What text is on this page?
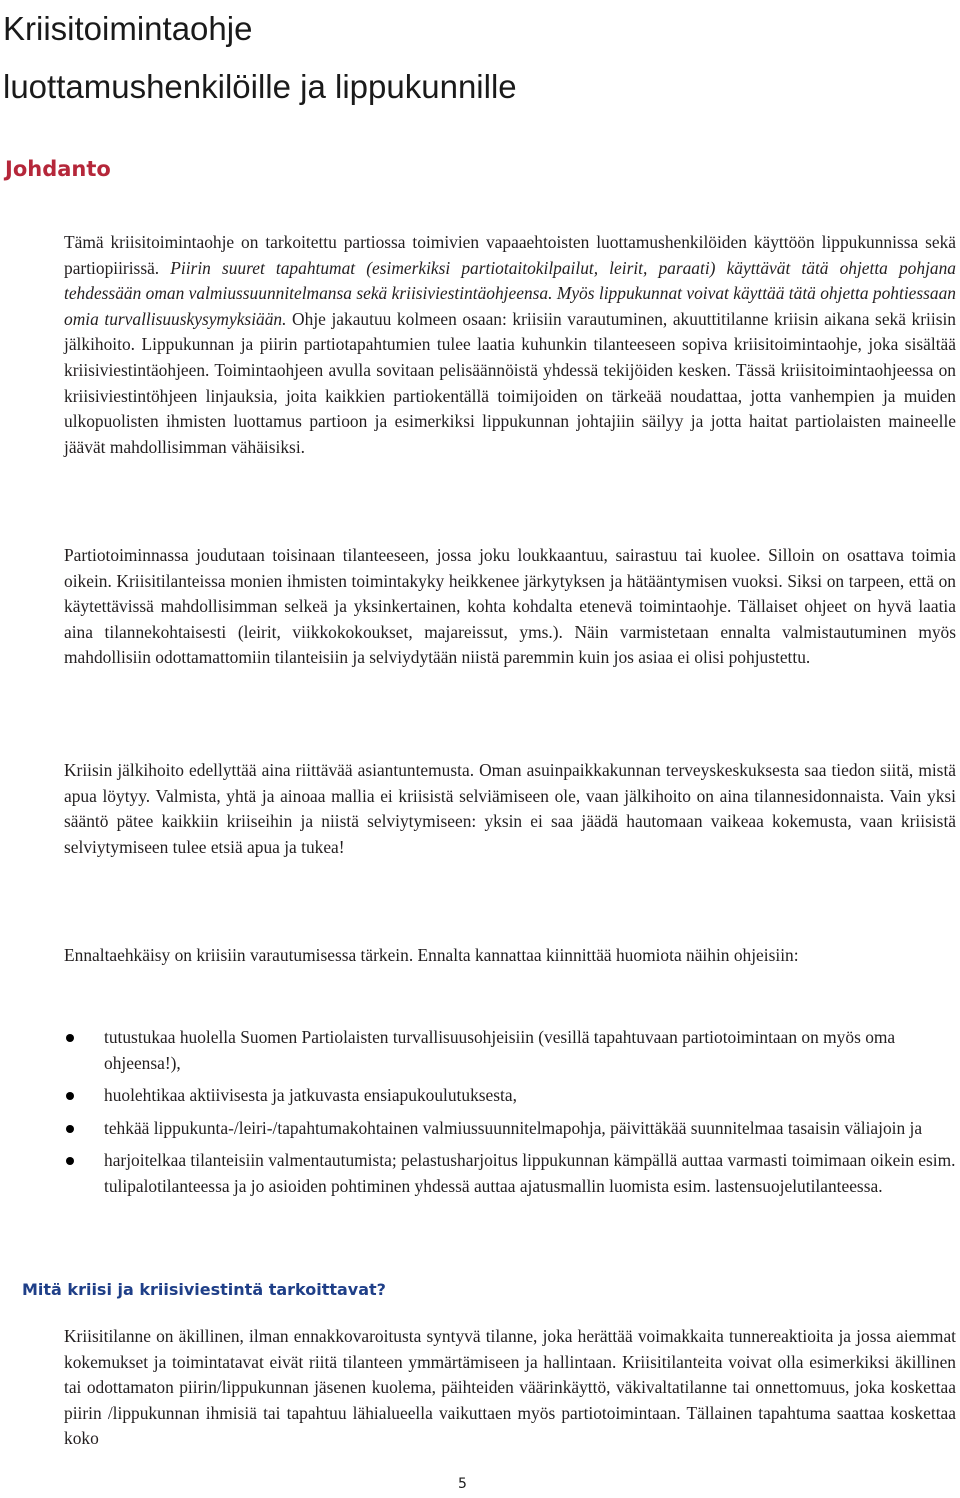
Kriisitoimintaohje
luottamushenkilöille ja lippukunnille
Johdanto

Tämä kriisitoimintaohje on tarkoitettu partiossa toimivien vapaaehtoisten luottamushenkilöiden käyttöön lippukunnissa sekä partiopiirissä. Piirin suuret tapahtumat (esimerkiksi partiotaitokilpailut, leirit, paraati) käyttävät tätä ohjetta pohjana tehdessään oman valmiussuunnitelmansa sekä kriisiviestintäohjeensa. Myös lippukunnat voivat käyttää tätä ohjetta pohtiessaan omia turvallisuuskysymyksiään. Ohje jakautuu kolmeen osaan: kriisiin varautuminen, akuuttitilanne kriisin aikana sekä kriisin jälkihoito. Lippukunnan ja piirin partiotapahtumien tulee laatia kuhunkin tilanteeseen sopiva kriisitoimintaohje, joka sisältää kriisiviestintäohjeen. Toimintaohjeen avulla sovitaan pelisäännöistä yhdessä tekijöiden kesken. Tässä kriisitoimintaohjeessa on kriisiviestintöhjeen linjauksia, joita kaikkien partiokentällä toimijoiden on tärkeää noudattaa, jotta vanhempien ja muiden ulkopuolisten ihmisten luottamus partioon ja esimerkiksi lippukunnan johtajiin säilyy ja jotta haitat partiolaisten maineelle jäävät mahdollisimman vähäisiksi.

Partiotoiminnassa joudutaan toisinaan tilanteeseen, jossa joku loukkaantuu, sairastuu tai kuolee. Silloin on osattava toimia oikein. Kriisitilanteissa monien ihmisten toimintakyky heikkenee järkytyksen ja hätääntymisen vuoksi. Siksi on tarpeen, että on käytettävissä mahdollisimman selkeä ja yksinkertainen, kohta kohdalta etenevä toimintaohje. Tällaiset ohjeet on hyvä laatia aina tilannekohtaisesti (leirit, viikkokokoukset, majareissut, yms.). Näin varmistetaan ennalta valmistautuminen myös mahdollisiin odottamattomiin tilanteisiin ja selviydytään niistä paremmin kuin jos asiaa ei olisi pohjustettu.

Kriisin jälkihoito edellyttää aina riittävää asiantuntemusta. Oman asuinpaikkakunnan terveyskeskuksesta saa tiedon siitä, mistä apua löytyy. Valmista, yhtä ja ainoaa mallia ei kriisistä selviämiseen ole, vaan jälkihoito on aina tilannesidonnaista. Vain yksi sääntö pätee kaikkiin kriiseihin ja niistä selviytymiseen: yksin ei saa jäädä hautomaan vaikeaa kokemusta, vaan kriisistä selviytymiseen tulee etsiä apua ja tukea!

Ennaltaehkäisy on kriisiin varautumisessa tärkein. Ennalta kannattaa kiinnittää huomiota näihin ohjeisiin:

tutustukaa huolella Suomen Partiolaisten turvallisuusohjeisiin (vesillä tapahtuvaan partiotoimintaan on myös oma ohjeensa!),
huolehtikaa aktiivisesta ja jatkuvasta ensiapukoulutuksesta,
tehkää lippukunta-/leiri-/tapahtumakohtainen valmiussuunnitelmapohja, päivittäkää suunnitelmaa tasaisin väliajoin ja
harjoitelkaa tilanteisiin valmentautumista; pelastusharjoitus lippukunnan kämpällä auttaa varmasti toimimaan oikein esim. tulipalotilanteessa ja jo asioiden pohtiminen yhdessä auttaa ajatusmallin luomista esim. lastensuojelutilanteessa.
Mitä kriisi ja kriisiviestintä tarkoittavat?

Kriisitilanne on äkillinen, ilman ennakkovaroitusta syntyvä tilanne, joka herättää voimakkaita tunnereaktioita ja jossa aiemmat kokemukset ja toimintatavat eivät riitä tilanteen ymmärtämiseen ja hallintaan. Kriisitilanteita voivat olla esimerkiksi äkillinen tai odottamaton piirin/lippukunnan jäsenen kuolema, päihteiden väärinkäyttö, väkivaltatilanne tai onnettomuus, joka koskettaa piirin /lippukunnan ihmisiä tai tapahtuu lähialueella vaikuttaen myös partiotoimintaan. Tällainen tapahtuma saattaa koskettaa koko

5
